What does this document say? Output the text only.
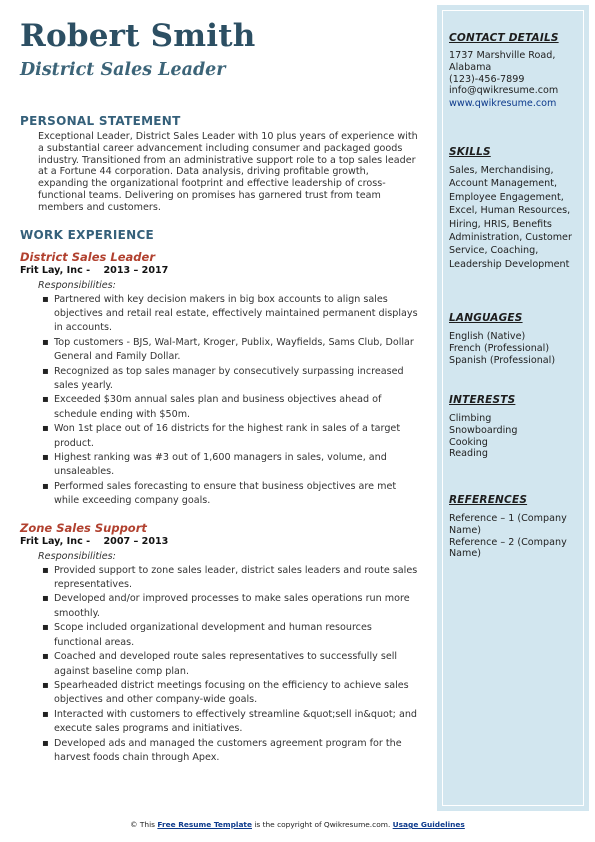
Robert Smith
District Sales Leader
PERSONAL STATEMENT
Exceptional Leader, District Sales Leader with 10 plus years of experience with a substantial career advancement including consumer and packaged goods industry. Transitioned from an administrative support role to a top sales leader at a Fortune 44 corporation. Data analysis, driving profitable growth, expanding the organizational footprint and effective leadership of cross-functional teams. Delivering on promises has garnered trust from team members and customers.
WORK EXPERIENCE
District Sales Leader
Frit Lay, Inc - 2013 – 2017
Responsibilities:
▪ Partnered with key decision makers in big box accounts to align sales objectives and retail real estate, effectively maintained permanent displays in accounts.
▪ Top customers - BJS, Wal-Mart, Kroger, Publix, Wayfields, Sams Club, Dollar General and Family Dollar.
▪ Recognized as top sales manager by consecutively surpassing increased sales yearly.
▪ Exceeded $30m annual sales plan and business objectives ahead of schedule ending with $50m.
▪ Won 1st place out of 16 districts for the highest rank in sales of a target product.
▪ Highest ranking was #3 out of 1,600 managers in sales, volume, and unsaleables.
▪ Performed sales forecasting to ensure that business objectives are met while exceeding company goals.
Zone Sales Support
Frit Lay, Inc - 2007 – 2013
Responsibilities:
▪ Provided support to zone sales leader, district sales leaders and route sales representatives.
▪ Developed and/or improved processes to make sales operations run more smoothly.
▪ Scope included organizational development and human resources functional areas.
▪ Coached and developed route sales representatives to successfully sell against baseline comp plan.
▪ Spearheaded district meetings focusing on the efficiency to achieve sales objectives and other company-wide goals.
▪ Interacted with customers to effectively streamline &quot;sell in&quot; and execute sales programs and initiatives.
▪ Developed ads and managed the customers agreement program for the harvest foods chain through Apex.
CONTACT DETAILS
1737 Marshville Road,
Alabama
(123)-456-7899
info@qwikresume.com
www.qwikresume.com
SKILLS
Sales, Merchandising, Account Management, Employee Engagement, Excel, Human Resources, Hiring, HRIS, Benefits Administration, Customer Service, Coaching, Leadership Development
LANGUAGES
English (Native)
French (Professional)
Spanish (Professional)
INTERESTS
Climbing
Snowboarding
Cooking
Reading
REFERENCES
Reference – 1 (Company Name)
Reference – 2 (Company Name)
© This Free Resume Template is the copyright of Qwikresume.com. Usage Guidelines
